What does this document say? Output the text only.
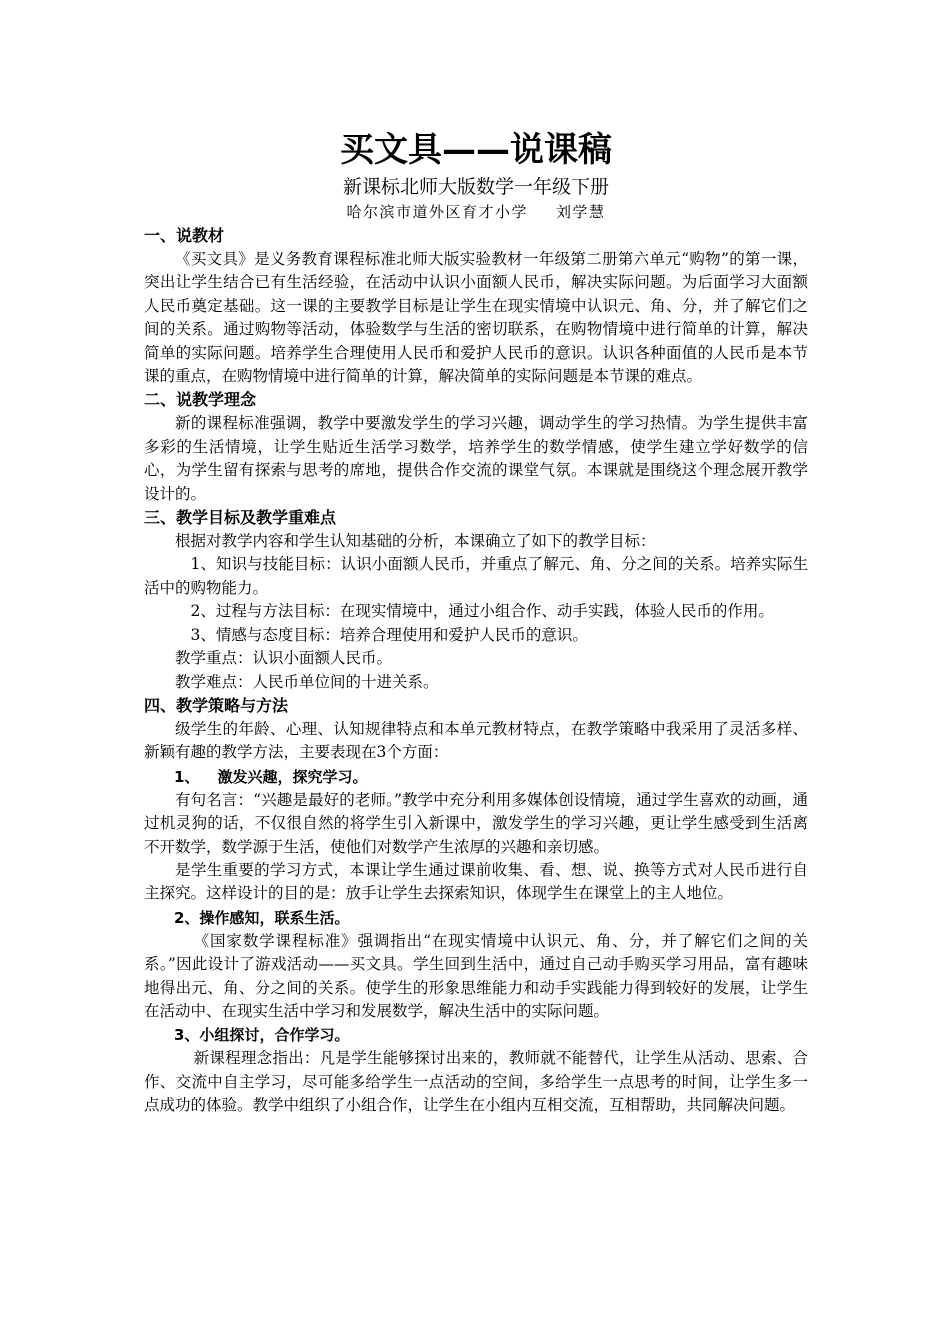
买文具——说课稿
新课标北师大版数学一年级下册
哈尔滨市道外区育才小学 刘学慧
一、说教材
《买文具》是义务教育课程标准北师大版实验教材一年级第二册第六单元“购物”的第一课，突出让学生结合已有生活经验，在活动中认识小面额人民币，解决实际问题。为后面学习大面额人民币奠定基础。这一课的主要教学目标是让学生在现实情境中认识元、角、分，并了解它们之间的关系。通过购物等活动，体验数学与生活的密切联系，在购物情境中进行简单的计算，解决简单的实际问题。培养学生合理使用人民币和爱护人民币的意识。认识各种面值的人民币是本节课的重点，在购物情境中进行简单的计算，解决简单的实际问题是本节课的难点。
二、说教学理念
新的课程标准强调，教学中要激发学生的学习兴趣，调动学生的学习热情。为学生提供丰富多彩的生活情境，让学生贴近生活学习数学，培养学生的数学情感，使学生建立学好数学的信心，为学生留有探索与思考的席地，提供合作交流的课堂气氛。本课就是围绕这个理念展开教学设计的。
三、教学目标及教学重难点
根据对教学内容和学生认知基础的分析，本课确立了如下的教学目标：
1、知识与技能目标：认识小面额人民币，并重点了解元、角、分之间的关系。培养实际生活中的购物能力。
2、过程与方法目标：在现实情境中，通过小组合作、动手实践，体验人民币的作用。
3、情感与态度目标：培养合理使用和爱护人民币的意识。
教学重点：认识小面额人民币。
教学难点：人民币单位间的十进关系。
四、教学策略与方法
级学生的年龄、心理、认知规律特点和本单元教材特点，在教学策略中我采用了灵活多样、新颖有趣的教学方法，主要表现在3个方面：
1、 激发兴趣，探究学习。
有句名言：“兴趣是最好的老师。”教学中充分利用多媒体创设情境，通过学生喜欢的动画，通过机灵狗的话，不仅很自然的将学生引入新课中，激发学生的学习兴趣，更让学生感受到生活离不开数学，数学源于生活，使他们对数学产生浓厚的兴趣和亲切感。
是学生重要的学习方式，本课让学生通过课前收集、看、想、说、换等方式对人民币进行自主探究。这样设计的目的是：放手让学生去探索知识，体现学生在课堂上的主人地位。
2、操作感知，联系生活。
《国家数学课程标准》强调指出“在现实情境中认识元、角、分，并了解它们之间的关系。”因此设计了游戏活动——买文具。学生回到生活中，通过自己动手购买学习用品，富有趣味地得出元、角、分之间的关系。使学生的形象思维能力和动手实践能力得到较好的发展，让学生在活动中、在现实生活中学习和发展数学，解决生活中的实际问题。
3、小组探讨，合作学习。
新课程理念指出：凡是学生能够探讨出来的，教师就不能替代，让学生从活动、思索、合作、交流中自主学习，尽可能多给学生一点活动的空间，多给学生一点思考的时间，让学生多一点成功的体验。教学中组织了小组合作，让学生在小组内互相交流，互相帮助，共同解决问题。
